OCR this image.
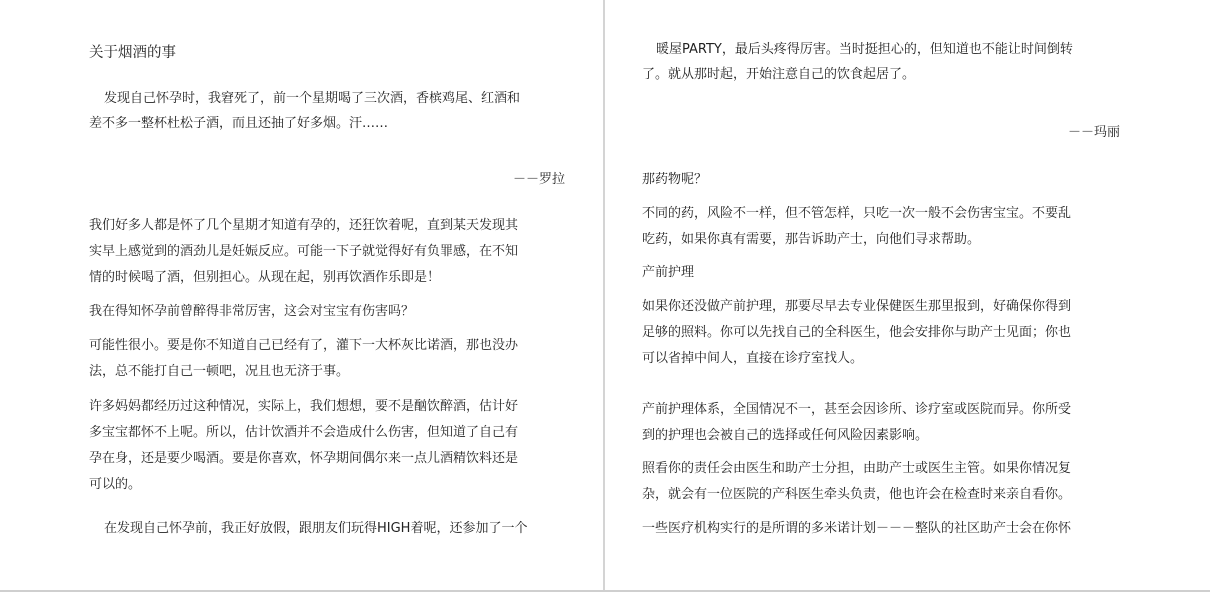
关于烟酒的事
发现自己怀孕时，我窘死了，前一个星期喝了三次酒，香槟鸡尾、红酒和
差不多一整杯杜松子酒，而且还抽了好多烟。汗……
－－罗拉
我们好多人都是怀了几个星期才知道有孕的，还狂饮着呢，直到某天发现其
实早上感觉到的酒劲儿是妊娠反应。可能一下子就觉得好有负罪感，在不知
情的时候喝了酒，但别担心。从现在起，别再饮酒作乐即是！
我在得知怀孕前曾醉得非常厉害，这会对宝宝有伤害吗？
可能性很小。要是你不知道自己已经有了，灌下一大杯灰比诺酒，那也没办
法，总不能打自己一顿吧，况且也无济于事。
许多妈妈都经历过这种情况，实际上，我们想想，要不是酗饮醉酒，估计好
多宝宝都怀不上呢。所以，估计饮酒并不会造成什么伤害，但知道了自己有
孕在身，还是要少喝酒。要是你喜欢，怀孕期间偶尔来一点儿酒精饮料还是
可以的。
在发现自己怀孕前，我正好放假，跟朋友们玩得HIGH着呢，还参加了一个
暖屋PARTY，最后头疼得厉害。当时挺担心的，但知道也不能让时间倒转
了。就从那时起，开始注意自己的饮食起居了。
－－玛丽
那药物呢？
不同的药，风险不一样，但不管怎样，只吃一次一般不会伤害宝宝。不要乱
吃药，如果你真有需要，那告诉助产士，向他们寻求帮助。
产前护理
如果你还没做产前护理，那要尽早去专业保健医生那里报到，好确保你得到
足够的照料。你可以先找自己的全科医生，他会安排你与助产士见面；你也
可以省掉中间人，直接在诊疗室找人。
产前护理体系，全国情况不一，甚至会因诊所、诊疗室或医院而异。你所受
到的护理也会被自己的选择或任何风险因素影响。
照看你的责任会由医生和助产士分担，由助产士或医生主管。如果你情况复
杂，就会有一位医院的产科医生牵头负责，他也许会在检查时来亲自看你。
一些医疗机构实行的是所谓的多米诺计划－－－整队的社区助产士会在你怀
